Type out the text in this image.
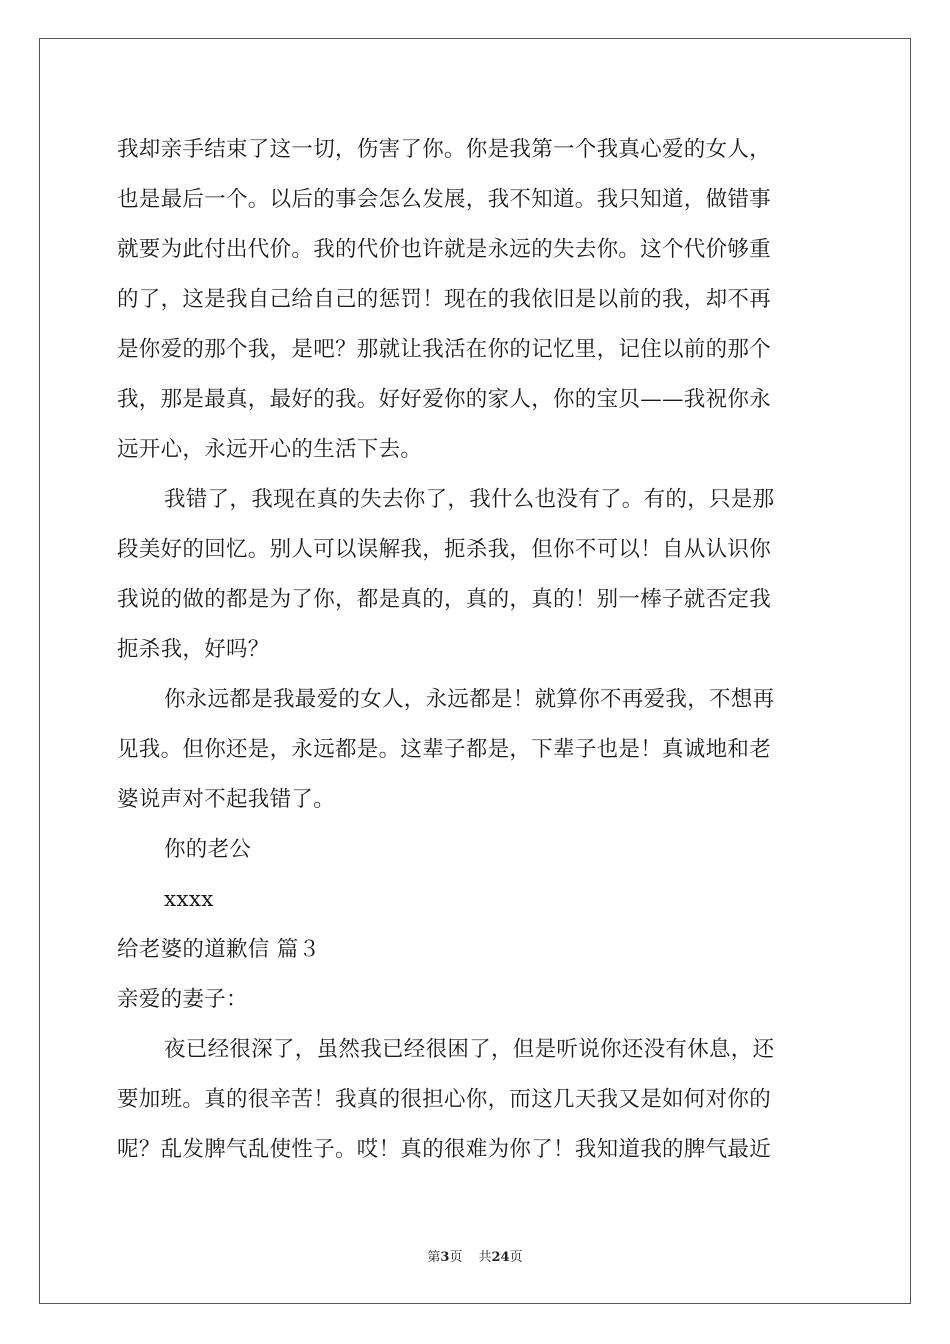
我却亲手结束了这一切，伤害了你。你是我第一个我真心爱的女人，
也是最后一个。以后的事会怎么发展，我不知道。我只知道，做错事
就要为此付出代价。我的代价也许就是永远的失去你。这个代价够重
的了，这是我自己给自己的惩罚！现在的我依旧是以前的我，却不再
是你爱的那个我，是吧？那就让我活在你的记忆里，记住以前的那个
我，那是最真，最好的我。好好爱你的家人，你的宝贝——我祝你永
远开心，永远开心的生活下去。
我错了，我现在真的失去你了，我什么也没有了。有的，只是那
段美好的回忆。别人可以误解我，扼杀我，但你不可以！自从认识你
我说的做的都是为了你，都是真的，真的，真的！别一棒子就否定我
扼杀我，好吗？
你永远都是我最爱的女人，永远都是！就算你不再爱我，不想再
见我。但你还是，永远都是。这辈子都是，下辈子也是！真诚地和老
婆说声对不起我错了。
你的老公
xxxx
给老婆的道歉信 篇３
亲爱的妻子：
夜已经很深了，虽然我已经很困了，但是听说你还没有休息，还
要加班。真的很辛苦！我真的很担心你，而这几天我又是如何对你的
呢？乱发脾气乱使性子。哎！真的很难为你了！我知道我的脾气最近
第3页 共24页
